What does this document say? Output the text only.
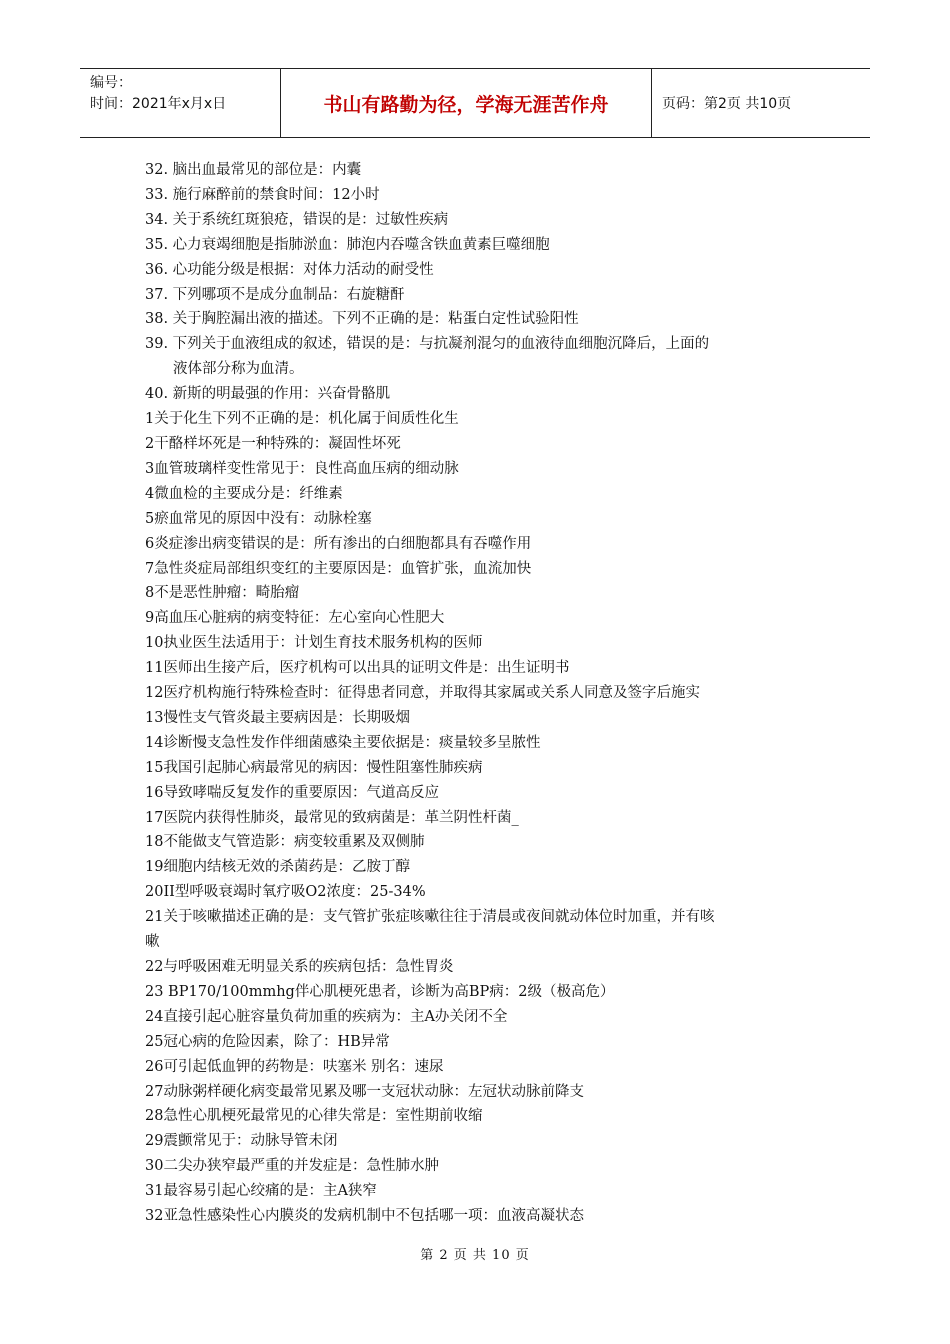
编号：
时间：2021年x月x日	书山有路勤为径，学海无涯苦作舟	页码：第2页 共10页
32. 脑出血最常见的部位是：内囊
33. 施行麻醉前的禁食时间：12小时
34. 关于系统红斑狼疮，错误的是：过敏性疾病
35. 心力衰竭细胞是指肺淤血：肺泡内吞噬含铁血黄素巨噬细胞
36. 心功能分级是根据：对体力活动的耐受性
37. 下列哪项不是成分血制品：右旋糖酐
38. 关于胸腔漏出液的描述。下列不正确的是：粘蛋白定性试验阳性
39. 下列关于血液组成的叙述，错误的是：与抗凝剂混匀的血液待血细胞沉降后，上面的
液体部分称为血清。
40. 新斯的明最强的作用：兴奋骨骼肌
1关于化生下列不正确的是：机化属于间质性化生
2干酪样坏死是一种特殊的：凝固性坏死
3血管玻璃样变性常见于：良性高血压病的细动脉
4微血检的主要成分是：纤维素
5瘀血常见的原因中没有：动脉栓塞
6炎症渗出病变错误的是：所有渗出的白细胞都具有吞噬作用
7急性炎症局部组织变红的主要原因是：血管扩张，血流加快
8不是恶性肿瘤：畸胎瘤
9高血压心脏病的病变特征：左心室向心性肥大
10执业医生法适用于：计划生育技术服务机构的医师
11医师出生接产后，医疗机构可以出具的证明文件是：出生证明书
12医疗机构施行特殊检查时：征得患者同意，并取得其家属或关系人同意及签字后施实
13慢性支气管炎最主要病因是：长期吸烟
14诊断慢支急性发作伴细菌感染主要依据是：痰量较多呈脓性
15我国引起肺心病最常见的病因：慢性阻塞性肺疾病
16导致哮喘反复发作的重要原因：气道高反应
17医院内获得性肺炎，最常见的致病菌是：革兰阴性杆菌_
18不能做支气管造影：病变较重累及双侧肺
19细胞内结核无效的杀菌药是：乙胺丁醇
20II型呼吸衰竭时氧疗吸O2浓度：25-34%
21关于咳嗽描述正确的是：支气管扩张症咳嗽往往于清晨或夜间就动体位时加重，并有咳
嗽
22与呼吸困难无明显关系的疾病包括：急性胃炎
23 BP170/100mmhg伴心肌梗死患者，诊断为高BP病：2级（极高危）
24直接引起心脏容量负荷加重的疾病为：主A办关闭不全
25冠心病的危险因素，除了：HB异常
26可引起低血钾的药物是：呋塞米 别名：速尿
27动脉粥样硬化病变最常见累及哪一支冠状动脉：左冠状动脉前降支
28急性心肌梗死最常见的心律失常是：室性期前收缩
29震颤常见于：动脉导管未闭
30二尖办狭窄最严重的并发症是：急性肺水肿
31最容易引起心绞痛的是：主A狭窄
32亚急性感染性心内膜炎的发病机制中不包括哪一项：血液高凝状态
第 2 页 共 10 页
